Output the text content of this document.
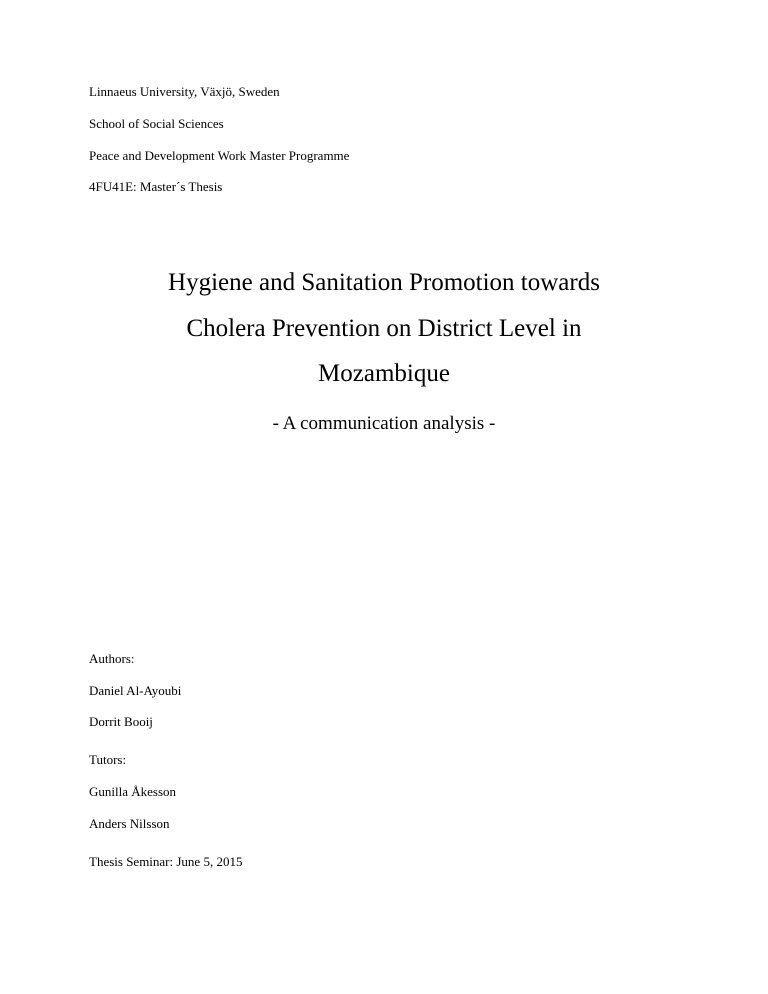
Linnaeus University, Växjö, Sweden
School of Social Sciences
Peace and Development Work Master Programme
4FU41E: Master´s Thesis
Hygiene and Sanitation Promotion towards
Cholera Prevention on District Level in
Mozambique
- A communication analysis -
Authors:
Daniel Al-Ayoubi
Dorrit Booij
Tutors:
Gunilla Åkesson
Anders Nilsson
Thesis Seminar: June 5, 2015
